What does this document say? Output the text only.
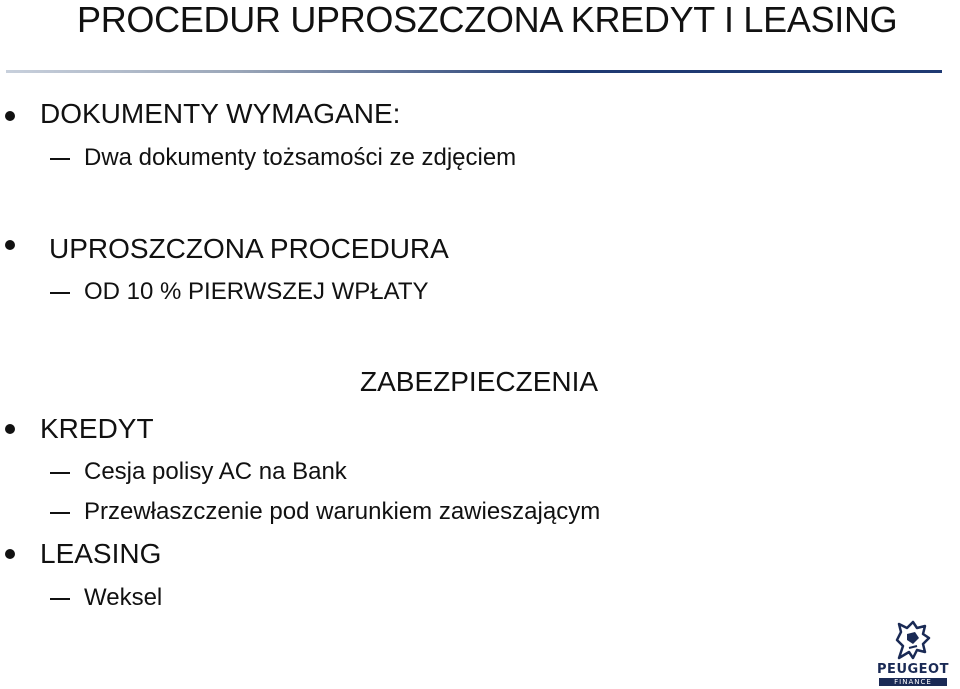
PROCEDUR UPROSZCZONA KREDYT I LEASING
DOKUMENTY WYMAGANE:
Dwa dokumenty tożsamości ze zdjęciem
UPROSZCZONA PROCEDURA
OD 10 % PIERWSZEJ WPŁATY
ZABEZPIECZENIA
KREDYT
Cesja polisy AC na Bank
Przewłaszczenie pod warunkiem zawieszającym
LEASING
Weksel
PEUGEOT
FINANCE
